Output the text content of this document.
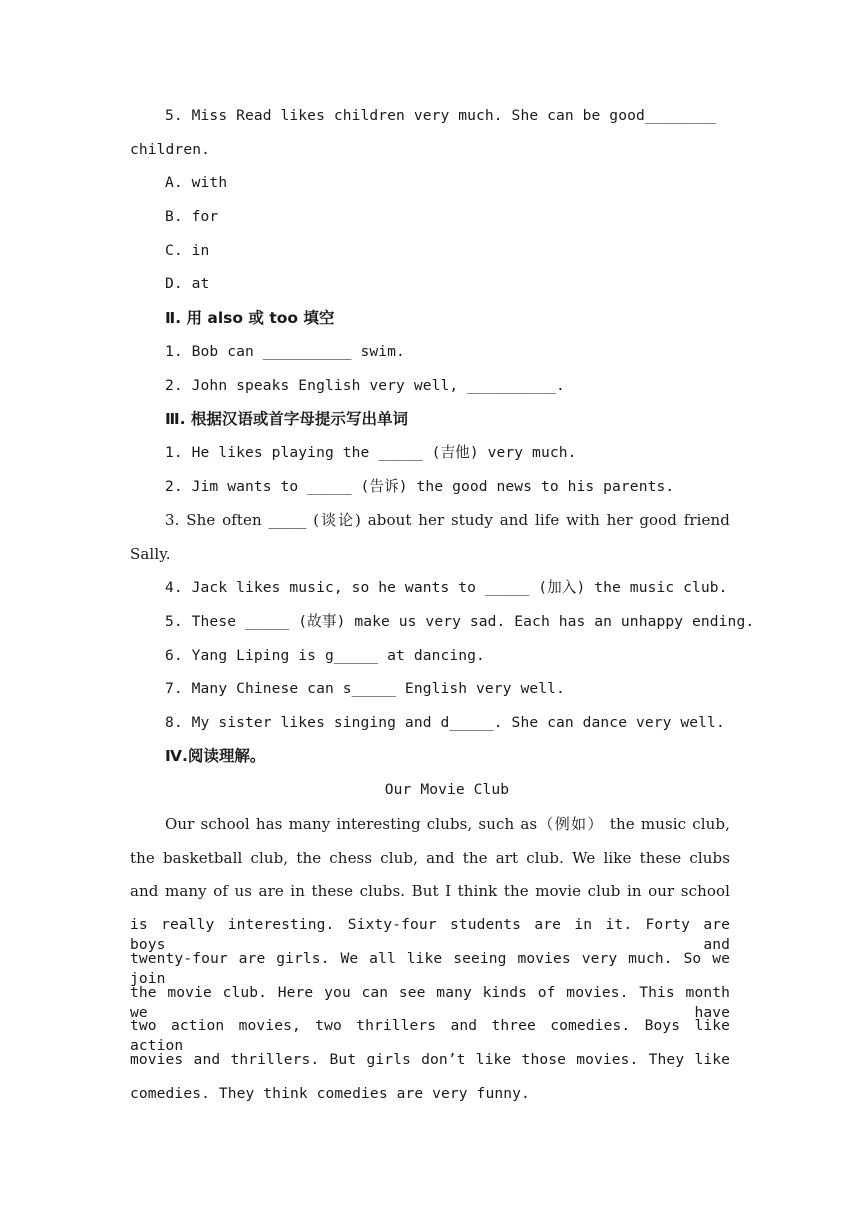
5. Miss Read likes children very much. She can be good________
children.
A. with
B. for
C. in
D. at
Ⅱ. 用 also 或 too 填空
1. Bob can __________ swim.
2. John speaks English very well, __________.
Ⅲ. 根据汉语或首字母提示写出单词
1. He likes playing the _____ (吉他) very much.
2. Jim wants to _____ (告诉) the good news to his parents.
3. She often _____ (谈论) about her study and life with her good friend
Sally.
4. Jack likes music, so he wants to _____ (加入) the music club.
5. These _____ (故事) make us very sad. Each has an unhappy ending.
6. Yang Liping is g_____ at dancing.
7. Many Chinese can s_____ English very well.
8. My sister likes singing and d_____. She can dance very well.
Ⅳ.阅读理解。
Our Movie Club
Our school has many interesting clubs, such as（例如） the music club,
the basketball club, the chess club, and the art club. We like these clubs
and many of us are in these clubs. But I think the movie club in our school
is really interesting. Sixty-four students are in it. Forty are boys and
twenty-four are girls. We all like seeing movies very much. So we join
the movie club. Here you can see many kinds of movies. This month we have
two action movies, two thrillers and three comedies. Boys like action
movies and thrillers. But girls don’t like those movies. They like
comedies. They think comedies are very funny.
